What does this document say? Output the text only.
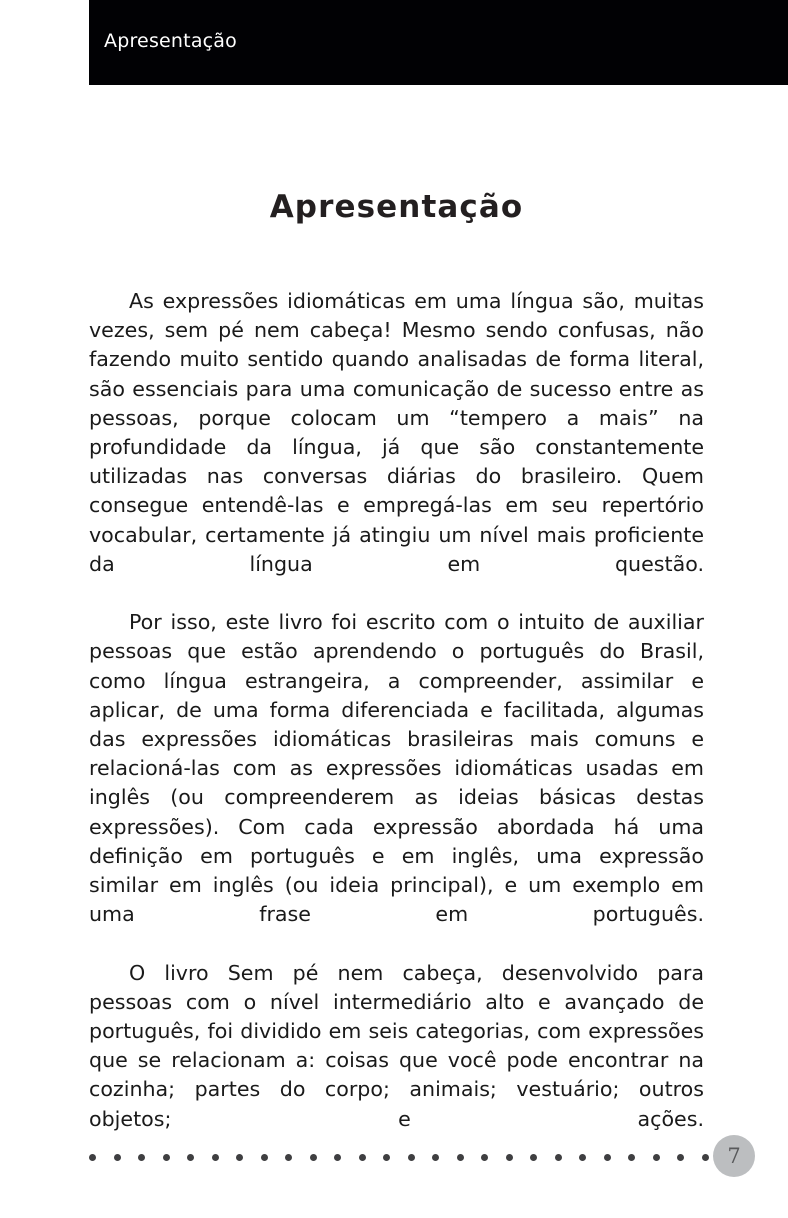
Apresentação
Apresentação

As expressões idiomáticas em uma língua são, muitas vezes, sem pé nem cabeça! Mesmo sendo confusas, não fazendo muito sentido quando analisadas de forma literal, são essenciais para uma comunicação de sucesso entre as pessoas, porque colocam um “tempero a mais” na profundidade da língua, já que são constantemente utilizadas nas conversas diárias do brasileiro. Quem consegue entendê-las e empregá-las em seu repertório vocabular, certamente já atingiu um nível mais proficiente da língua em questão.

Por isso, este livro foi escrito com o intuito de auxiliar pessoas que estão aprendendo o português do Brasil, como língua estrangeira, a compreender, assimilar e aplicar, de uma forma diferenciada e facilitada, algumas das expressões idiomáticas brasileiras mais comuns e relacioná-las com as expressões idiomáticas usadas em inglês (ou compreenderem as ideias básicas destas expressões). Com cada expressão abordada há uma definição em português e em inglês, uma expressão similar em inglês (ou ideia principal), e um exemplo em uma frase em português.

O livro Sem pé nem cabeça, desenvolvido para pessoas com o nível intermediário alto e avançado de português, foi dividido em seis categorias, com expressões que se relacionam a: coisas que você pode encontrar na cozinha; partes do corpo; animais; vestuário; outros objetos; e ações.

7
